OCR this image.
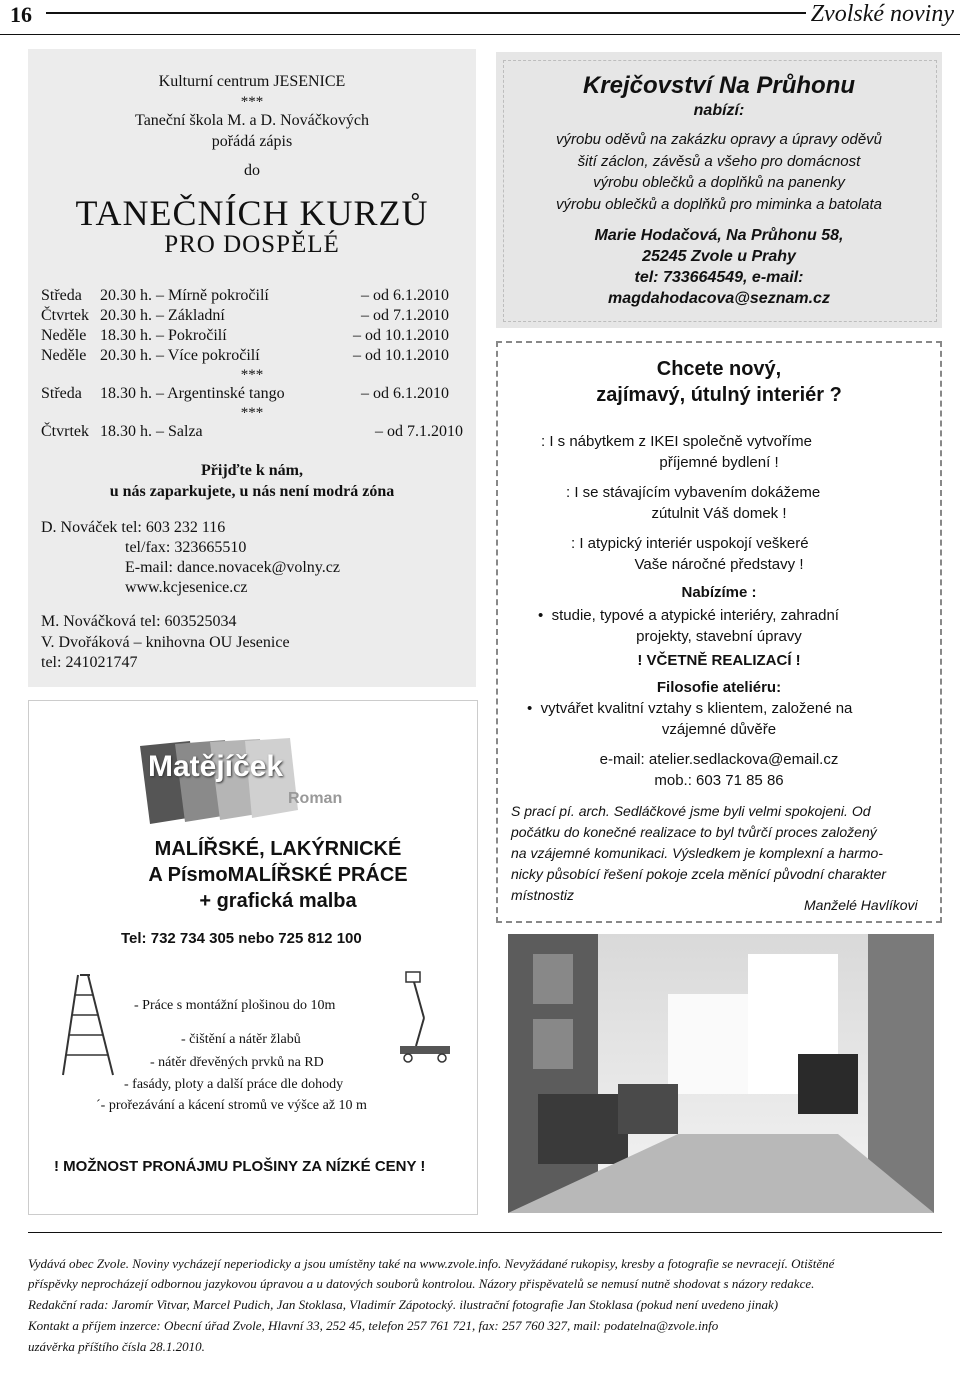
16	Zvolské noviny
Kulturní centrum JESENICE
***
Taneční škola M. a D. Nováčkových
pořádá zápis
do
TANEČNÍCH KURZŮ
PRO DOSPĚLÉ
Středa 20.30 h. – Mírně pokročilí	– od 6.1.2010
Čtvrtek 20.30 h. – Základní	– od 7.1.2010
Neděle 18.30 h. – Pokročilí	– od 10.1.2010
Neděle 20.30 h. – Více pokročilí	– od 10.1.2010
***
Středa 18.30 h. – Argentinské tango	– od 6.1.2010
***
Čtvrtek 18.30 h. – Salza	– od 7.1.2010
Přijďte k nám,
u nás zaparkujete, u nás není modrá zóna
D. Nováček tel: 603 232 116
tel/fax: 323665510
E-mail: dance.novacek@volny.cz
www.kcjesenice.cz
M. Nováčková tel: 603525034
V. Dvořáková – knihovna OU Jesenice
tel: 241021747
Matějíček
Roman
MALÍŘSKÉ, LAKÝRNICKÉ
A PísmoMALÍŘSKÉ PRÁCE
+ grafická malba
Tel: 732 734 305 nebo 725 812 100
- Práce s montážní plošinou do 10m
- čištění a nátěr žlabů
- nátěr dřevěných prvků na RD
- fasády, ploty a další práce dle dohody
´- prořezávání a kácení stromů ve výšce až 10 m
! MOŽNOST PRONÁJMU PLOŠINY ZA NÍZKÉ CENY !
Krejčovství Na Průhonu
nabízí:
výrobu oděvů na zakázku opravy a úpravy oděvů
šití záclon, závěsů a všeho pro domácnost
výrobu oblečků a doplňků na panenky
výrobu oblečků a doplňků pro miminka a batolata
Marie Hodačová, Na Průhonu 58,
25245 Zvole u Prahy
tel: 733664549, e-mail:
magdahodacova@seznam.cz
Chcete nový,
zajímavý, útulný interiér ?
: I s nábytkem z IKEI společně vytvoříme
příjemné bydlení !
: I se stávajícím vybavením dokážeme
zútulnit Váš domek !
: I atypický interiér uspokojí veškeré
Vaše náročné představy !
Nabízíme :
•  studie, typové a atypické interiéry, zahradní
projekty, stavební úpravy
! VČETNĚ REALIZACÍ !
Filosofie ateliéru:
•  vytvářet kvalitní vztahy s klientem, založené na
vzájemné důvěře
e-mail: atelier.sedlackova@email.cz
mob.: 603 71 85 86
S prací pí. arch. Sedláčkové jsme byli velmi spokojeni. Od
počátku do konečné realizace to byl tvůrčí proces založený
na vzájemné komunikaci. Výsledkem je komplexní a harmo-
nicky působící řešení pokoje zcela měnící původní charakter
místnostiz
Manželé Havlíkovi
Vydává obec Zvole. Noviny vycházejí neperiodicky a jsou umístěny také na www.zvole.info. Nevyžádané rukopisy, kresby a fotografie se nevracejí. Otištěné
příspěvky neprocházejí odbornou jazykovou úpravou a u datových souborů kontrolou. Názory přispěvatelů se nemusí nutně shodovat s názory redakce.
Redakční rada: Jaromír Vitvar, Marcel Pudich, Jan Stoklasa, Vladimír Zápotocký. ilustrační fotografie Jan Stoklasa (pokud není uvedeno jinak)
Kontakt a příjem inzerce: Obecní úřad Zvole, Hlavní 33, 252 45, telefon 257 761 721, fax: 257 760 327, mail: podatelna@zvole.info
uzávěrka příštího čísla 28.1.2010.
